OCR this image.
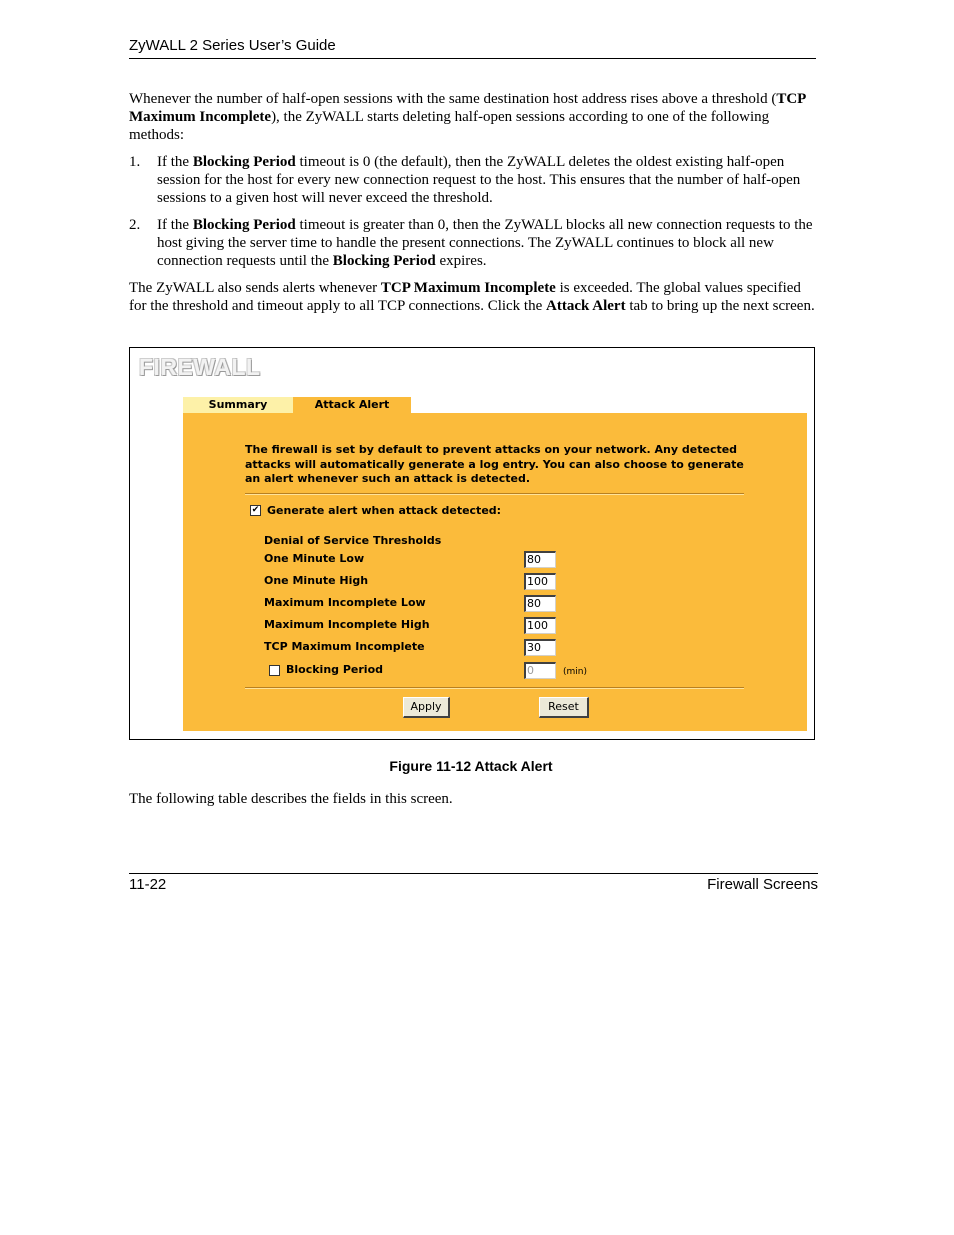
ZyWALL 2 Series User’s Guide

Whenever the number of half-open sessions with the same destination host address rises above a threshold (TCP Maximum Incomplete), the ZyWALL starts deleting half-open sessions according to one of the following methods:

1. If the Blocking Period timeout is 0 (the default), then the ZyWALL deletes the oldest existing half-open session for the host for every new connection request to the host. This ensures that the number of half-open sessions to a given host will never exceed the threshold.
2. If the Blocking Period timeout is greater than 0, then the ZyWALL blocks all new connection requests to the host giving the server time to handle the present connections. The ZyWALL continues to block all new connection requests until the Blocking Period expires.

The ZyWALL also sends alerts whenever TCP Maximum Incomplete is exceeded. The global values specified for the threshold and timeout apply to all TCP connections. Click the Attack Alert tab to bring up the next screen.

FIREWALL
Summary	Attack Alert
The firewall is set by default to prevent attacks on your network. Any detected attacks will automatically generate a log entry. You can also choose to generate an alert whenever such an attack is detected.
✔ Generate alert when attack detected:
Denial of Service Thresholds
One Minute Low	80
One Minute High	100
Maximum Incomplete Low	80
Maximum Incomplete High	100
TCP Maximum Incomplete	30
Blocking Period	0	(min)
Apply	Reset
Figure 11-12 Attack Alert

The following table describes the fields in this screen.

11-22	Firewall Screens
